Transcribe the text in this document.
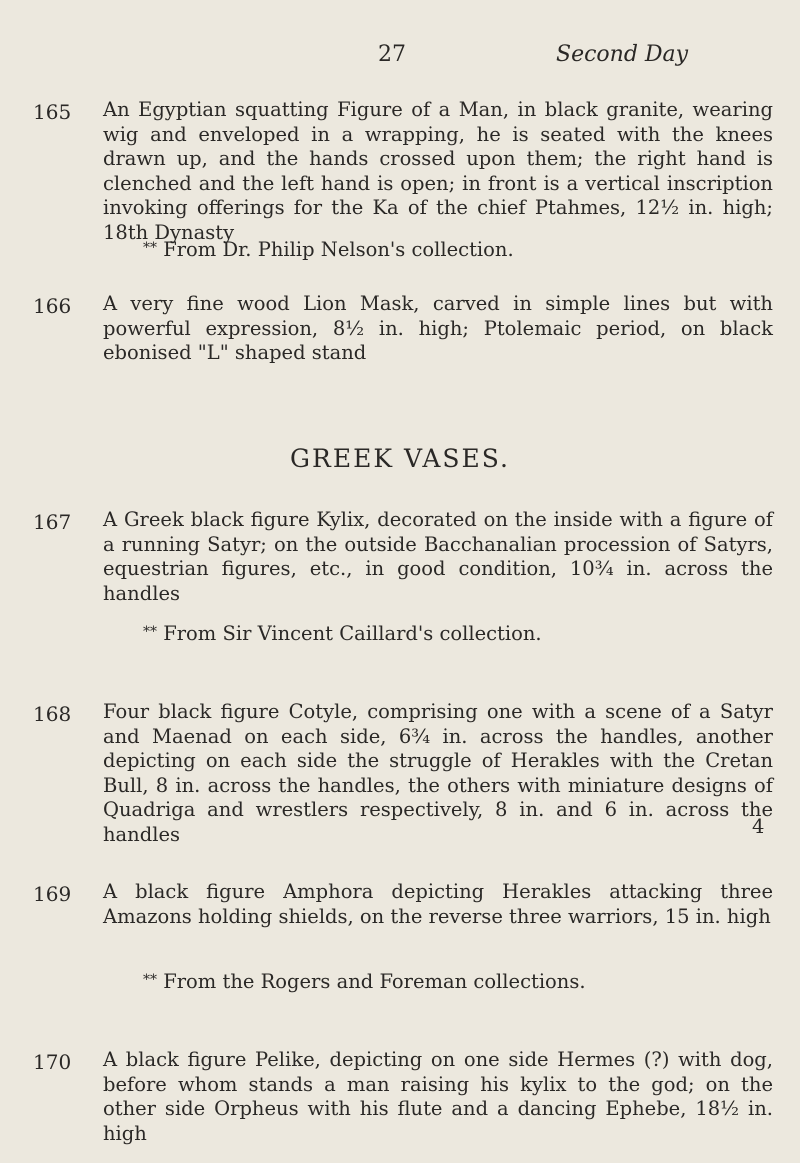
27	Second Day
165 An Egyptian squatting Figure of a Man, in black granite, wearing wig and enveloped in a wrapping, he is seated with the knees drawn up, and the hands crossed upon them; the right hand is clenched and the left hand is open; in front is a vertical inscription invoking offerings for the Ka of the chief Ptahmes, 12½ in. high; 18th Dynasty
** From Dr. Philip Nelson's collection.
166 A very fine wood Lion Mask, carved in simple lines but with powerful expression, 8½ in. high; Ptolemaic period, on black ebonised "L" shaped stand
GREEK VASES.
167 A Greek black figure Kylix, decorated on the inside with a figure of a running Satyr; on the outside Bacchanalian procession of Satyrs, equestrian figures, etc., in good condition, 10¾ in. across the handles
** From Sir Vincent Caillard's collection.
168 Four black figure Cotyle, comprising one with a scene of a Satyr and Maenad on each side, 6¾ in. across the handles, another depicting on each side the struggle of Herakles with the Cretan Bull, 8 in. across the handles, the others with miniature designs of Quadriga and wrestlers respectively, 8 in. and 6 in. across the handles	4
169 A black figure Amphora depicting Herakles attacking three Amazons holding shields, on the reverse three warriors, 15 in. high
** From the Rogers and Foreman collections.
170 A black figure Pelike, depicting on one side Hermes (?) with dog, before whom stands a man raising his kylix to the god; on the other side Orpheus with his flute and a dancing Ephebe, 18½ in. high
